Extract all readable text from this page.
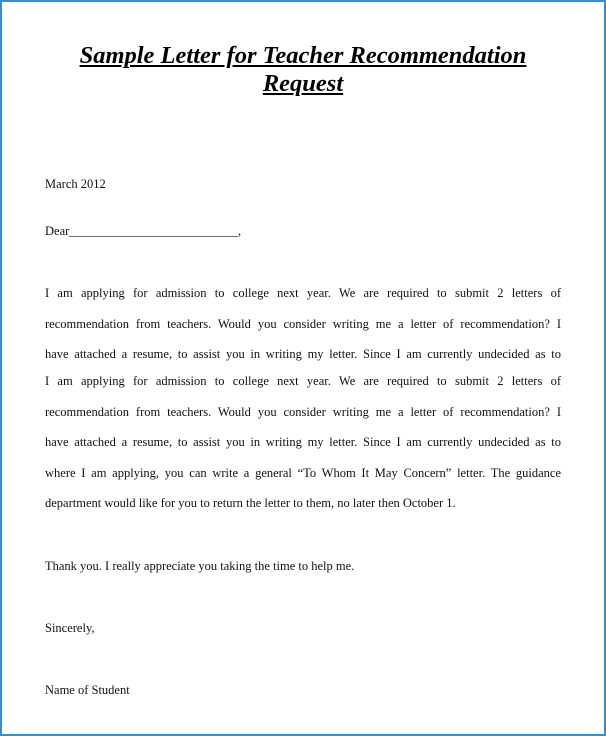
Sample Letter for Teacher Recommendation
Request

March 2012

Dear___________________________,

I am applying for admission to college next year. We are required to submit 2 letters of

recommendation from teachers. Would you consider writing me a letter of recommendation? I

have attached a resume, to assist you in writing my letter. Since I am currently undecided as to

I am applying for admission to college next year. We are required to submit 2 letters of

recommendation from teachers. Would you consider writing me a letter of recommendation? I

have attached a resume, to assist you in writing my letter. Since I am currently undecided as to

where I am applying, you can write a general “To Whom It May Concern” letter. The guidance

department would like for you to return the letter to them, no later then October 1.

Thank you. I really appreciate you taking the time to help me.

Sincerely,

Name of Student
